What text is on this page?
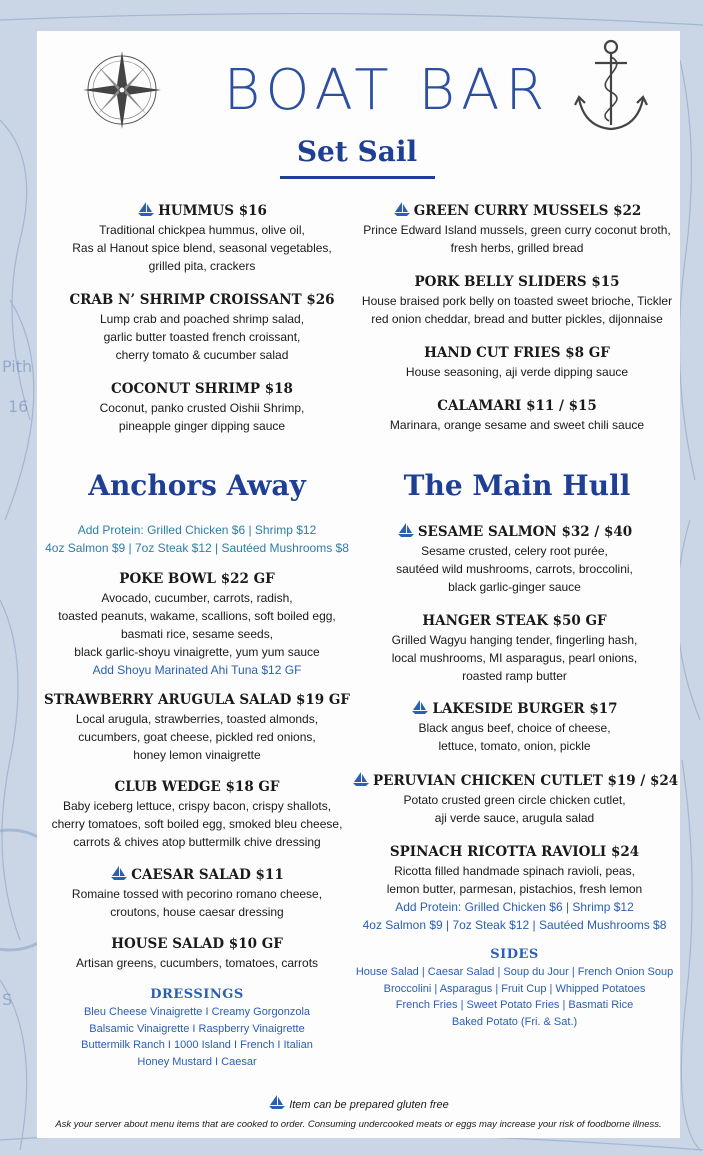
Pith
16
S
BOAT BAR
Set Sail
HUMMUS $16
Traditional chickpea hummus, olive oil,
Ras al Hanout spice blend, seasonal vegetables,
grilled pita, crackers
CRAB N’ SHRIMP CROISSANT $26
Lump crab and poached shrimp salad,
garlic butter toasted french croissant,
cherry tomato & cucumber salad
COCONUT SHRIMP $18
Coconut, panko crusted Oishii Shrimp,
pineapple ginger dipping sauce
GREEN CURRY MUSSELS $22
Prince Edward Island mussels, green curry coconut broth,
fresh herbs, grilled bread
PORK BELLY SLIDERS $15
House braised pork belly on toasted sweet brioche, Tickler
red onion cheddar, bread and butter pickles, dijonnaise
HAND CUT FRIES $8 GF
House seasoning, aji verde dipping sauce
CALAMARI $11 / $15
Marinara, orange sesame and sweet chili sauce
Anchors Away
Add Protein: Grilled Chicken $6 | Shrimp $12
4oz Salmon $9 | 7oz Steak $12 | Sautéed Mushrooms $8
POKE BOWL $22 GF
Avocado, cucumber, carrots, radish,
toasted peanuts, wakame, scallions, soft boiled egg,
basmati rice, sesame seeds,
black garlic-shoyu vinaigrette, yum yum sauce
Add Shoyu Marinated Ahi Tuna $12 GF
STRAWBERRY ARUGULA SALAD $19 GF
Local arugula, strawberries, toasted almonds,
cucumbers, goat cheese, pickled red onions,
honey lemon vinaigrette
CLUB WEDGE $18 GF
Baby iceberg lettuce, crispy bacon, crispy shallots,
cherry tomatoes, soft boiled egg, smoked bleu cheese,
carrots & chives atop buttermilk chive dressing
CAESAR SALAD $11
Romaine tossed with pecorino romano cheese,
croutons, house caesar dressing
HOUSE SALAD $10 GF
Artisan greens, cucumbers, tomatoes, carrots
DRESSINGS
Bleu Cheese Vinaigrette I Creamy Gorgonzola
Balsamic Vinaigrette I Raspberry Vinaigrette
Buttermilk Ranch I 1000 Island I French I Italian
Honey Mustard I Caesar
The Main Hull
SESAME SALMON $32 / $40
Sesame crusted, celery root purée,
sautéed wild mushrooms, carrots, broccolini,
black garlic-ginger sauce
HANGER STEAK $50 GF
Grilled Wagyu hanging tender, fingerling hash,
local mushrooms, MI asparagus, pearl onions,
roasted ramp butter
LAKESIDE BURGER $17
Black angus beef, choice of cheese,
lettuce, tomato, onion, pickle
PERUVIAN CHICKEN CUTLET $19 / $24
Potato crusted green circle chicken cutlet,
aji verde sauce, arugula salad
SPINACH RICOTTA RAVIOLI $24
Ricotta filled handmade spinach ravioli, peas,
lemon butter, parmesan, pistachios, fresh lemon
Add Protein: Grilled Chicken $6 | Shrimp $12
4oz Salmon $9 | 7oz Steak $12 | Sautéed Mushrooms $8
SIDES
House Salad | Caesar Salad | Soup du Jour | French Onion Soup
Broccolini | Asparagus | Fruit Cup | Whipped Potatoes
French Fries | Sweet Potato Fries | Basmati Rice
Baked Potato (Fri. & Sat.)
Item can be prepared gluten free
Ask your server about menu items that are cooked to order. Consuming undercooked meats or eggs may increase your risk of foodborne illness.
